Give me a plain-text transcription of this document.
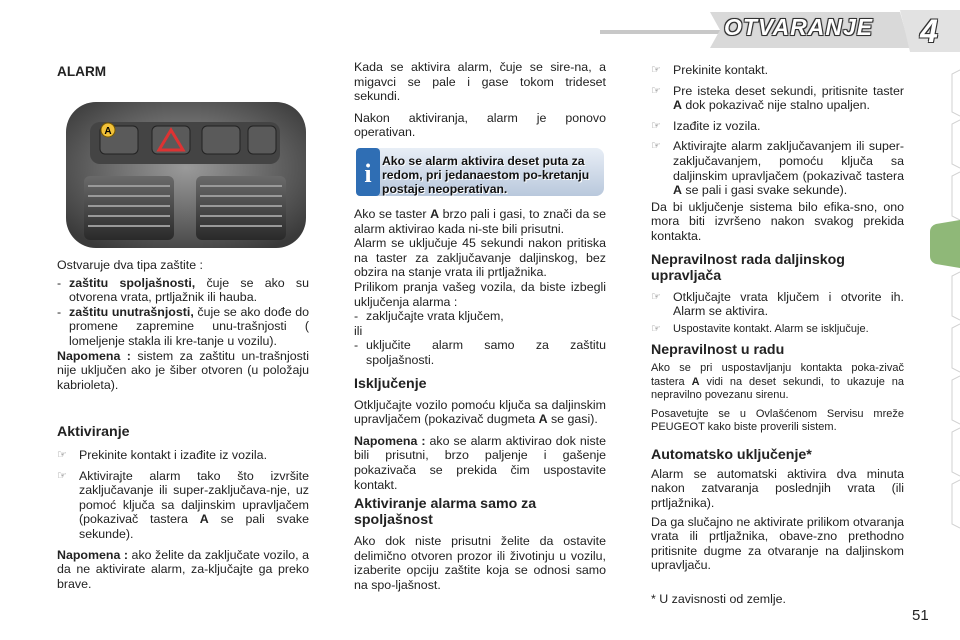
OTVARANJE	4
ALARM

Ostvaruje dva tipa zaštite :

- zaštitu spoljašnosti, čuje se ako su otvorena vrata, prtljažnik ili hauba.
- zaštitu unutrašnjosti, čuje se ako dođe do promene zapremine unu-trašnjosti ( lomeljenje stakla ili kre-tanje u vozilu).

Napomena : sistem za zaštitu un-trašnjosti nije uključen ako je šiber otvoren (u položaju kabrioleta).

Aktiviranje

☞ Prekinite kontakt i izađite iz vozila.
☞ Aktivirajte alarm tako što izvršite zaključavanje ili super-zaključava-nje, uz pomoć ključa sa daljinskim upravljačem (pokazivač tastera A se pali svake sekunde).

Napomena : ako želite da zaključate vozilo, a da ne aktivirate alarm, za-ključajte ga preko brave.

A

Kada se aktivira alarm, čuje se sire-na, a migavci se pale i gase tokom trideset sekundi.

Nakon aktiviranja, alarm je ponovo operativan.

Ako se taster A brzo pali i gasi, to znači da se alarm aktivirao kada ni-ste bili prisutni.

Alarm se uključuje 45 sekundi nakon pritiska na taster za zaključavanje daljinskog, bez obzira na stanje vrata ili prtljažnika.

Prilikom pranja vašeg vozila, da biste izbegli uključenja alarma :

- zaključajte vrata ključem,

ili

- uključite alarm samo za zaštitu spoljašnosti.

Isključenje

Otključajte vozilo pomoću ključa sa daljinskim upravljačem (pokazivač dugmeta A se gasi).

Napomena : ako se alarm aktivirao dok niste bili prisutni, brzo paljenje i gašenje pokazivača se prekida čim uspostavite kontakt.

Aktiviranje alarma samo za spoljašnost

Ako dok niste prisutni želite da ostavite delimično otvoren prozor ili životinju u vozilu, izaberite opciju zaštite koja se odnosi samo na spo-ljašnost.

i Ako se alarm aktivira deset puta za redom, pri jedanaestom po-kretanju postaje neoperativan.
☞ Prekinite kontakt.
☞ Pre isteka deset sekundi, pritisnite taster A dok pokazivač nije stalno upaljen.
☞ Izađite iz vozila.
☞ Aktivirajte alarm zaključavanjem ili super-zaključavanjem, pomoću ključa sa daljinskim upravljačem (pokazivač tastera A se pali i gasi svake sekunde).

Da bi uključenje sistema bilo efika-sno, ono mora biti izvršeno nakon svakog prekida kontakta.

Nepravilnost rada daljinskog upravljača

☞ Otključajte vrata ključem i otvorite ih. Alarm se aktivira.
☞	Uspostavite kontakt. Alarm se isključuje.

Nepravilnost u radu

Ako se pri uspostavljanju kontakta poka-zivač tastera A vidi na deset sekundi, to ukazuje na nepravilno povezanu sirenu.

Posavetujte se u Ovlašćenom Servisu mreže PEUGEOT kako biste proverili sistem.

Automatsko uključenje*

Alarm se automatski aktivira dva minuta nakon zatvaranja poslednjih vrata (ili prtljažnika).

Da ga slučajno ne aktivirate prilikom otvaranja vrata ili prtljažnika, obave-zno prethodno pritisnite dugme za otvaranje na daljinskom upravljaču.

* U zavisnosti od zemlje.
51
